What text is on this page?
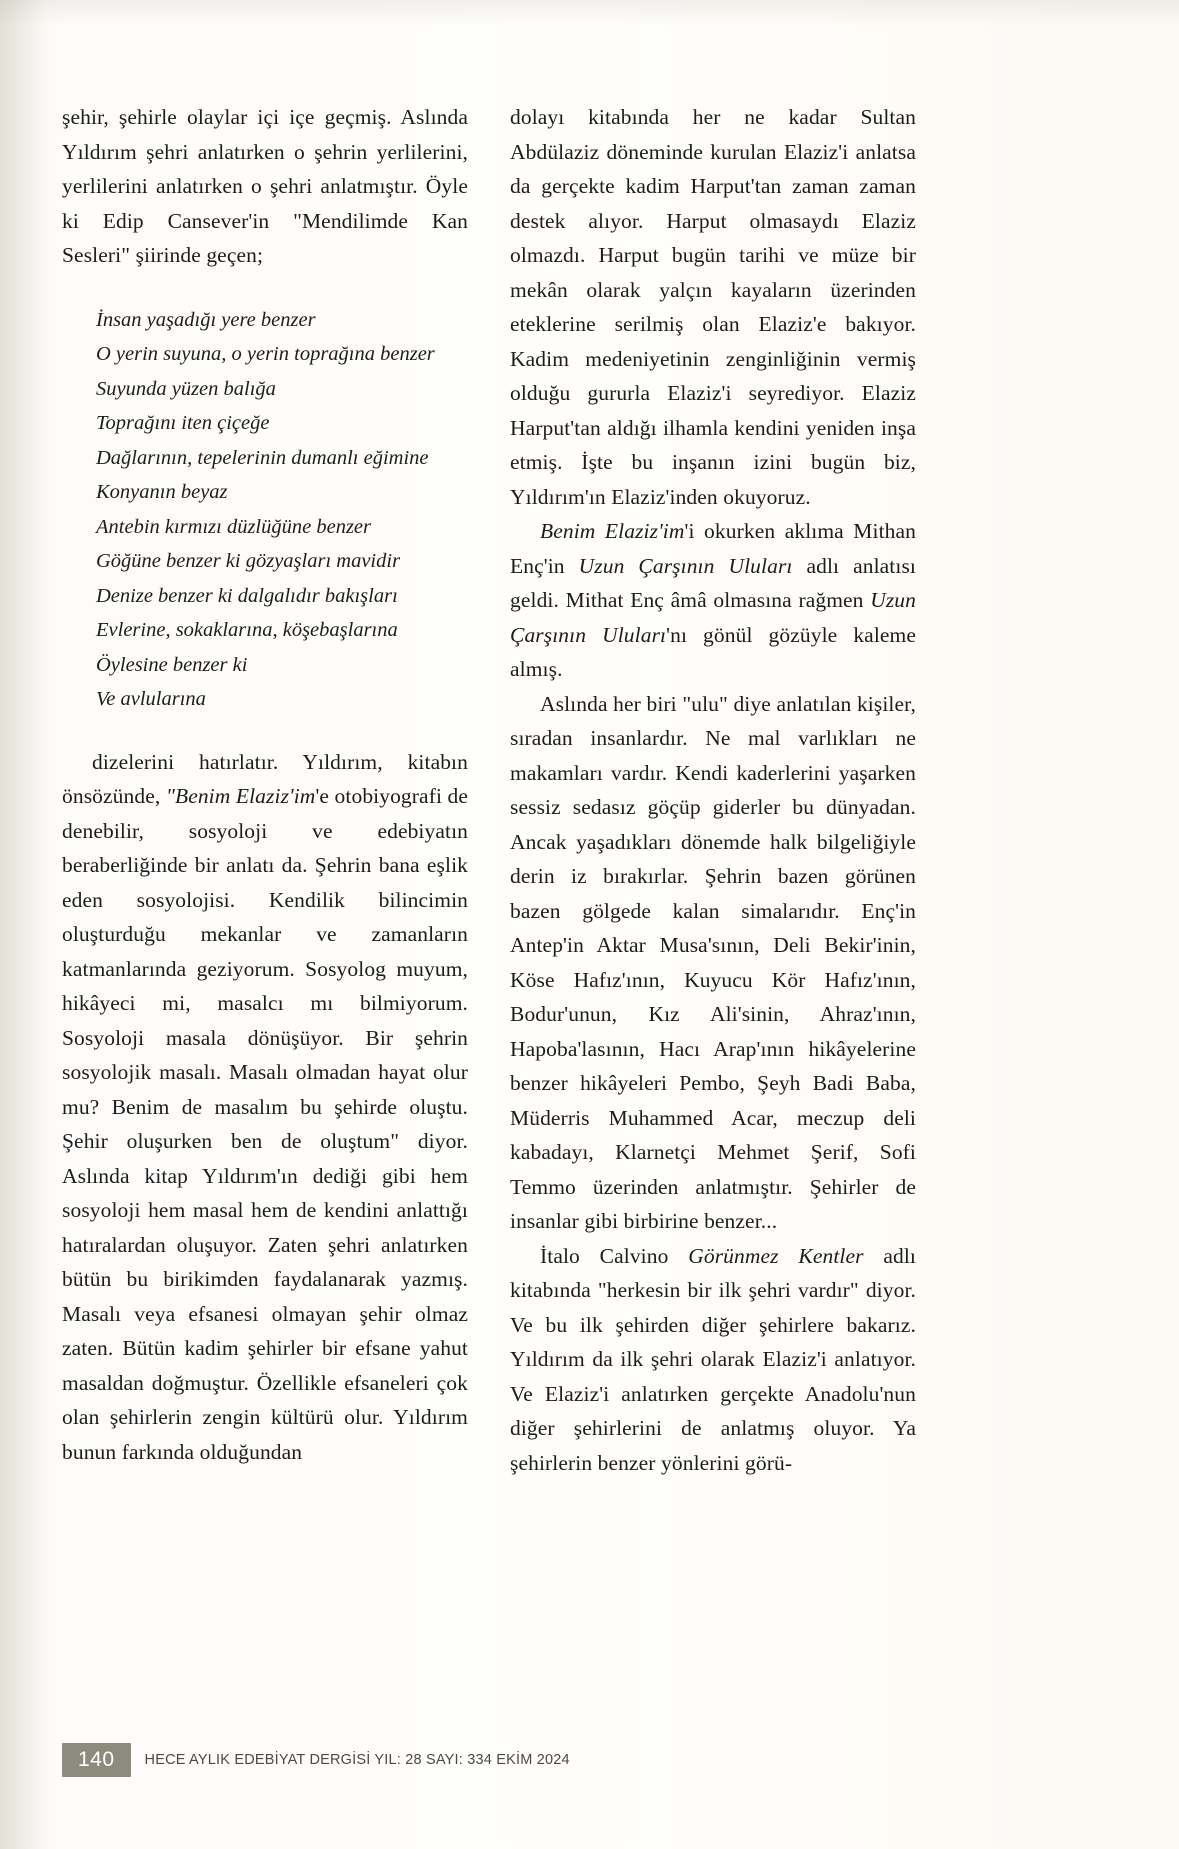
şehir, şehirle olaylar içi içe geçmiş. Aslında Yıldırım şehri anlatırken o şehrin yerlilerini, yerlilerini anlatırken o şehri anlatmıştır. Öyle ki Edip Cansever'in "Mendilimde Kan Sesleri" şiirinde geçen;

İnsan yaşadığı yere benzer
O yerin suyuna, o yerin toprağına benzer
Suyunda yüzen balığa
Toprağını iten çiçeğe
Dağlarının, tepelerinin dumanlı eğimine
Konyanın beyaz
Antebin kırmızı düzlüğüne benzer
Göğüne benzer ki gözyaşları mavidir
Denize benzer ki dalgalıdır bakışları
Evlerine, sokaklarına, köşebaşlarına
Öylesine benzer ki
Ve avlularına

dizelerini hatırlatır. Yıldırım, kitabın önsözünde, "Benim Elaziz'im'e otobiyografi de denebilir, sosyoloji ve edebiyatın beraberliğinde bir anlatı da. Şehrin bana eşlik eden sosyolojisi. Kendilik bilincimin oluşturduğu mekanlar ve zamanların katmanlarında geziyorum. Sosyolog muyum, hikâyeci mi, masalcı mı bilmiyorum. Sosyoloji masala dönüşüyor. Bir şehrin sosyolojik masalı. Masalı olmadan hayat olur mu? Benim de masalım bu şehirde oluştu. Şehir oluşurken ben de oluştum" diyor. Aslında kitap Yıldırım'ın dediği gibi hem sosyoloji hem masal hem de kendini anlattığı hatıralardan oluşuyor. Zaten şehri anlatırken bütün bu birikimden faydalanarak yazmış. Masalı veya efsanesi olmayan şehir olmaz zaten. Bütün kadim şehirler bir efsane yahut masaldan doğmuştur. Özellikle efsaneleri çok olan şehirlerin zengin kültürü olur. Yıldırım bunun farkında olduğundan

dolayı kitabında her ne kadar Sultan Abdülaziz döneminde kurulan Elaziz'i anlatsa da gerçekte kadim Harput'tan zaman zaman destek alıyor. Harput olmasaydı Elaziz olmazdı. Harput bugün tarihi ve müze bir mekân olarak yalçın kayaların üzerinden eteklerine serilmiş olan Elaziz'e bakıyor. Kadim medeniyetinin zenginliğinin vermiş olduğu gururla Elaziz'i seyrediyor. Elaziz Harput'tan aldığı ilhamla kendini yeniden inşa etmiş. İşte bu inşanın izini bugün biz, Yıldırım'ın Elaziz'inden okuyoruz.

Benim Elaziz'im'i okurken aklıma Mithan Enç'in Uzun Çarşının Uluları adlı anlatısı geldi. Mithat Enç âmâ olmasına rağmen Uzun Çarşının Uluları'nı gönül gözüyle kaleme almış.

Aslında her biri "ulu" diye anlatılan kişiler, sıradan insanlardır. Ne mal varlıkları ne makamları vardır. Kendi kaderlerini yaşarken sessiz sedasız göçüp giderler bu dünyadan. Ancak yaşadıkları dönemde halk bilgeliğiyle derin iz bırakırlar. Şehrin bazen görünen bazen gölgede kalan simalarıdır. Enç'in Antep'in Aktar Musa'sının, Deli Bekir'inin, Köse Hafız'ının, Kuyucu Kör Hafız'ının, Bodur'unun, Kız Ali'sinin, Ahraz'ının, Hapoba'lasının, Hacı Arap'ının hikâyelerine benzer hikâyeleri Pembo, Şeyh Badi Baba, Müderris Muhammed Acar, meczup deli kabadayı, Klarnetçi Mehmet Şerif, Sofi Temmo üzerinden anlatmıştır. Şehirler de insanlar gibi birbirine benzer...

İtalo Calvino Görünmez Kentler adlı kitabında "herkesin bir ilk şehri vardır" diyor. Ve bu ilk şehirden diğer şehirlere bakarız. Yıldırım da ilk şehri olarak Elaziz'i anlatıyor. Ve Elaziz'i anlatırken gerçekte Anadolu'nun diğer şehirlerini de anlatmış oluyor. Ya şehirlerin benzer yönlerini görü-

140	HECE AYLIK EDEBİYAT DERGİSİ YIL: 28 SAYI: 334 EKİM 2024
